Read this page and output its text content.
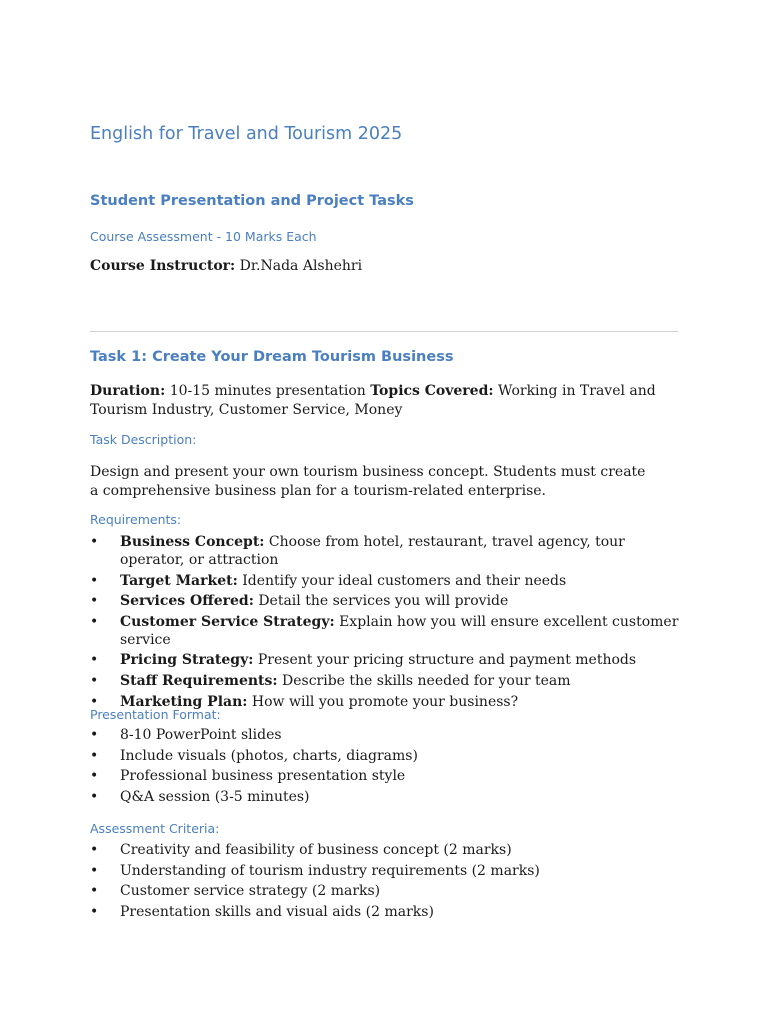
English for Travel and Tourism 2025
Student Presentation and Project Tasks

Course Assessment - 10 Marks Each

Course Instructor: Dr.Nada Alshehri

Task 1: Create Your Dream Tourism Business

Duration: 10-15 minutes presentation Topics Covered: Working in Travel and Tourism Industry, Customer Service, Money

Task Description:

Design and present your own tourism business concept. Students must create a comprehensive business plan for a tourism-related enterprise.

Requirements:

• Business Concept: Choose from hotel, restaurant, travel agency, tour operator, or attraction
• Target Market: Identify your ideal customers and their needs
• Services Offered: Detail the services you will provide
• Customer Service Strategy: Explain how you will ensure excellent customer service
• Pricing Strategy: Present your pricing structure and payment methods
• Staff Requirements: Describe the skills needed for your team
• Marketing Plan: How will you promote your business?

Presentation Format:

• 8-10 PowerPoint slides
• Include visuals (photos, charts, diagrams)
• Professional business presentation style
• Q&A session (3-5 minutes)

Assessment Criteria:

• Creativity and feasibility of business concept (2 marks)
• Understanding of tourism industry requirements (2 marks)
• Customer service strategy (2 marks)
• Presentation skills and visual aids (2 marks)
